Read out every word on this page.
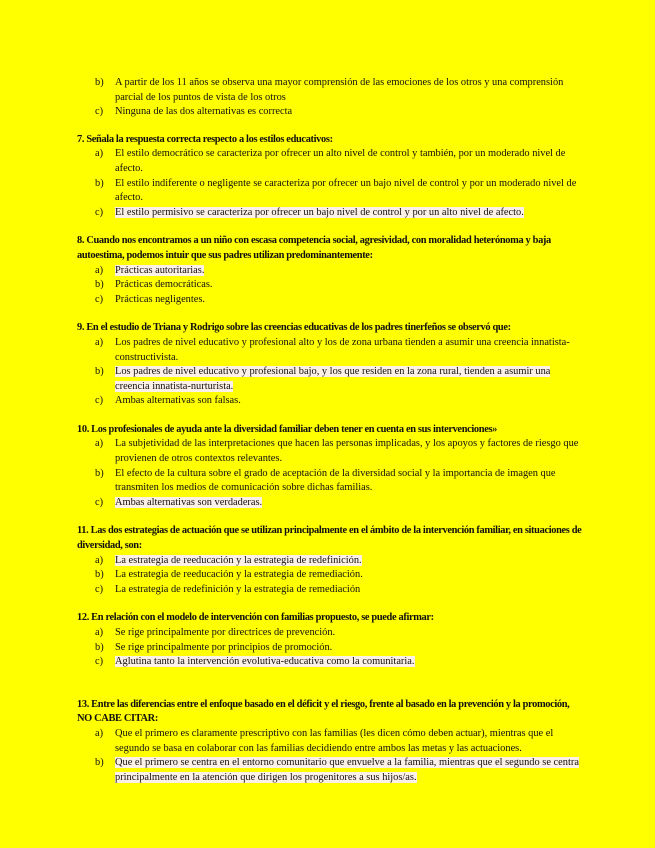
b) A partir de los 11 años se observa una mayor comprensión de las emociones de los otros y una comprensión parcial de los puntos de vista de los otros
c) Ninguna de las dos alternativas es correcta

7. Señala la respuesta correcta respecto a los estilos educativos:

a) El estilo democrático se caracteriza por ofrecer un alto nivel de control y también, por un moderado nivel de afecto.
b) El estilo indiferente o negligente se caracteriza por ofrecer un bajo nivel de control y por un moderado nivel de afecto.
c) El estilo permisivo se caracteriza por ofrecer un bajo nivel de control y por un alto nivel de afecto.

8. Cuando nos encontramos a un niño con escasa competencia social, agresividad, con moralidad heterónoma y baja autoestima, podemos intuir que sus padres utilizan predominantemente:

a) Prácticas autoritarias.
b) Prácticas democráticas.
c) Prácticas negligentes.

9. En el estudio de Triana y Rodrigo sobre las creencias educativas de los padres tinerfeños se observó que:

a) Los padres de nivel educativo y profesional alto y los de zona urbana tienden a asumir una creencia innatista-constructivista.
b) Los padres de nivel educativo y profesional bajo, y los que residen en la zona rural, tienden a asumir una creencia innatista-nurturista.
c) Ambas alternativas son falsas.

10. Los profesionales de ayuda ante la diversidad familiar deben tener en cuenta en sus intervenciones»

a) La subjetividad de las interpretaciones que hacen las personas implicadas, y los apoyos y factores de riesgo que provienen de otros contextos relevantes.
b) El efecto de la cultura sobre el grado de aceptación de la diversidad social y la importancia de imagen que transmiten los medios de comunicación sobre dichas familias.
c) Ambas alternativas son verdaderas.

11. Las dos estrategias de actuación que se utilizan principalmente en el ámbito de la intervención familiar, en situaciones de diversidad, son:

a) La estrategia de reeducación y la estrategia de redefinición.
b) La estrategia de reeducación y la estrategia de remediación.
c) La estrategia de redefinición y la estrategia de remediación

12. En relación con el modelo de intervención con familias propuesto, se puede afirmar:

a) Se rige principalmente por directrices de prevención.
b) Se rige principalmente por principios de promoción.
c) Aglutina tanto la intervención evolutiva-educativa como la comunitaria.

13. Entre las diferencias entre el enfoque basado en el déficit y el riesgo, frente al basado en la prevención y la promoción, NO CABE CITAR:

a) Que el primero es claramente prescriptivo con las familias (les dicen cómo deben actuar), mientras que el segundo se basa en colaborar con las familias decidiendo entre ambos las metas y las actuaciones.
b) Que el primero se centra en el entorno comunitario que envuelve a la familia, mientras que el segundo se centra principalmente en la atención que dirigen los progenitores a sus hijos/as.
